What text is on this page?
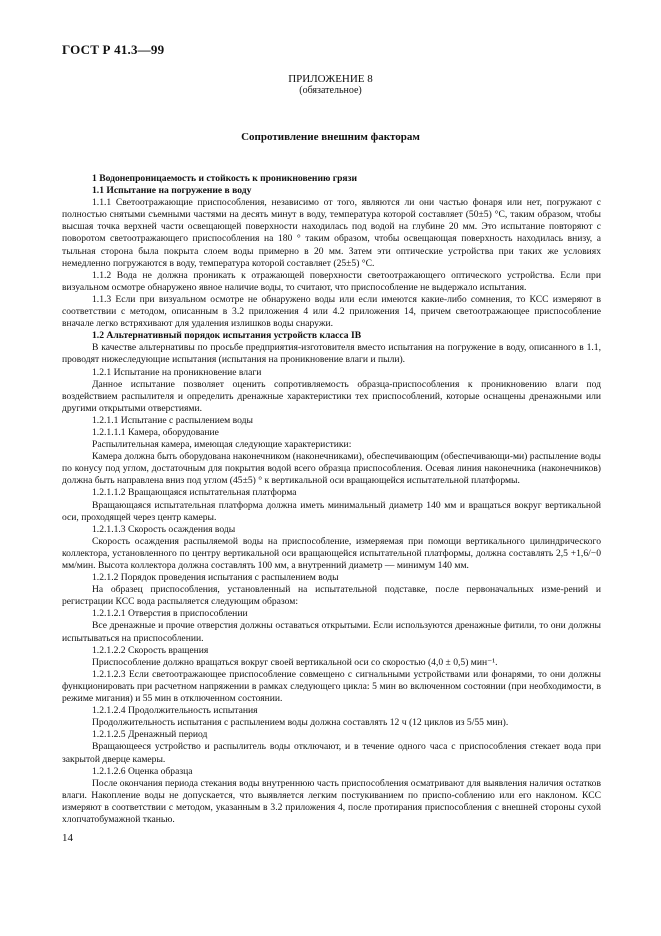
ГОСТ Р 41.3—99
ПРИЛОЖЕНИЕ 8
(обязательное)
Сопротивление внешним факторам

1 Водонепроницаемость и стойкость к проникновению грязи

1.1 Испытание на погружение в воду

1.1.1 Светоотражающие приспособления, независимо от того, являются ли они частью фонаря или нет, погружают с полностью снятыми съемными частями на десять минут в воду, температура которой составляет (50±5) °С, таким образом, чтобы высшая точка верхней части освещающей поверхности находилась под водой на глубине 20 мм. Это испытание повторяют с поворотом светоотражающего приспособления на 180 ° таким образом, чтобы освещающая поверхность находилась внизу, а тыльная сторона была покрыта слоем воды примерно в 20 мм. Затем эти оптические устройства при таких же условиях немедленно погружаются в воду, температура которой составляет (25±5) °С.

1.1.2 Вода не должна проникать к отражающей поверхности светоотражающего оптического устройства. Если при визуальном осмотре обнаружено явное наличие воды, то считают, что приспособление не выдержало испытания.

1.1.3 Если при визуальном осмотре не обнаружено воды или если имеются какие-либо сомнения, то КСС измеряют в соответствии с методом, описанным в 3.2 приложения 4 или 4.2 приложения 14, причем светоотражающее приспособление вначале легко встряхивают для удаления излишков воды снаружи.

1.2 Альтернативный порядок испытания устройств класса IB

В качестве альтернативы по просьбе предприятия-изготовителя вместо испытания на погружение в воду, описанного в 1.1, проводят нижеследующие испытания (испытания на проникновение влаги и пыли).

1.2.1 Испытание на проникновение влаги

Данное испытание позволяет оценить сопротивляемость образца-приспособления к проникновению влаги под воздействием распылителя и определить дренажные характеристики тех приспособлений, которые оснащены дренажными или другими открытыми отверстиями.

1.2.1.1 Испытание с распылением воды

1.2.1.1.1 Камера, оборудование

Распылительная камера, имеющая следующие характеристики:

Камера должна быть оборудована наконечником (наконечниками), обеспечивающим (обеспечивающи-ми) распыление воды по конусу под углом, достаточным для покрытия водой всего образца приспособления. Осевая линия наконечника (наконечников) должна быть направлена вниз под углом (45±5) ° к вертикальной оси вращающейся испытательной платформы.

1.2.1.1.2 Вращающаяся испытательная платформа

Вращающаяся испытательная платформа должна иметь минимальный диаметр 140 мм и вращаться вокруг вертикальной оси, проходящей через центр камеры.

1.2.1.1.3 Скорость осаждения воды

Скорость осаждения распыляемой воды на приспособление, измеряемая при помощи вертикального цилиндрического коллектора, установленного по центру вертикальной оси вращающейся испытательной платформы, должна составлять 2,5 +1,6/−0 мм/мин. Высота коллектора должна составлять 100 мм, а внутренний диаметр — минимум 140 мм.

1.2.1.2 Порядок проведения испытания с распылением воды

На образец приспособления, установленный на испытательной подставке, после первоначальных изме-рений и регистрации КСС вода распыляется следующим образом:

1.2.1.2.1 Отверстия в приспособлении

Все дренажные и прочие отверстия должны оставаться открытыми. Если используются дренажные фитили, то они должны испытываться на приспособлении.

1.2.1.2.2 Скорость вращения

Приспособление должно вращаться вокруг своей вертикальной оси со скоростью (4,0 ± 0,5) мин⁻¹.

1.2.1.2.3 Если светоотражающее приспособление совмещено с сигнальными устройствами или фонарями, то они должны функционировать при расчетном напряжении в рамках следующего цикла: 5 мин во включенном состоянии (при необходимости, в режиме мигания) и 55 мин в отключенном состоянии.

1.2.1.2.4 Продолжительность испытания

Продолжительность испытания с распылением воды должна составлять 12 ч (12 циклов из 5/55 мин).

1.2.1.2.5 Дренажный период

Вращающееся устройство и распылитель воды отключают, и в течение одного часа с приспособления стекает вода при закрытой дверце камеры.

1.2.1.2.6 Оценка образца

После окончания периода стекания воды внутреннюю часть приспособления осматривают для выявления наличия остатков влаги. Накопление воды не допускается, что выявляется легким постукиванием по приспо-соблению или его наклоном. КСС измеряют в соответствии с методом, указанным в 3.2 приложения 4, после протирания приспособления с внешней стороны сухой хлопчатобумажной тканью.

14
